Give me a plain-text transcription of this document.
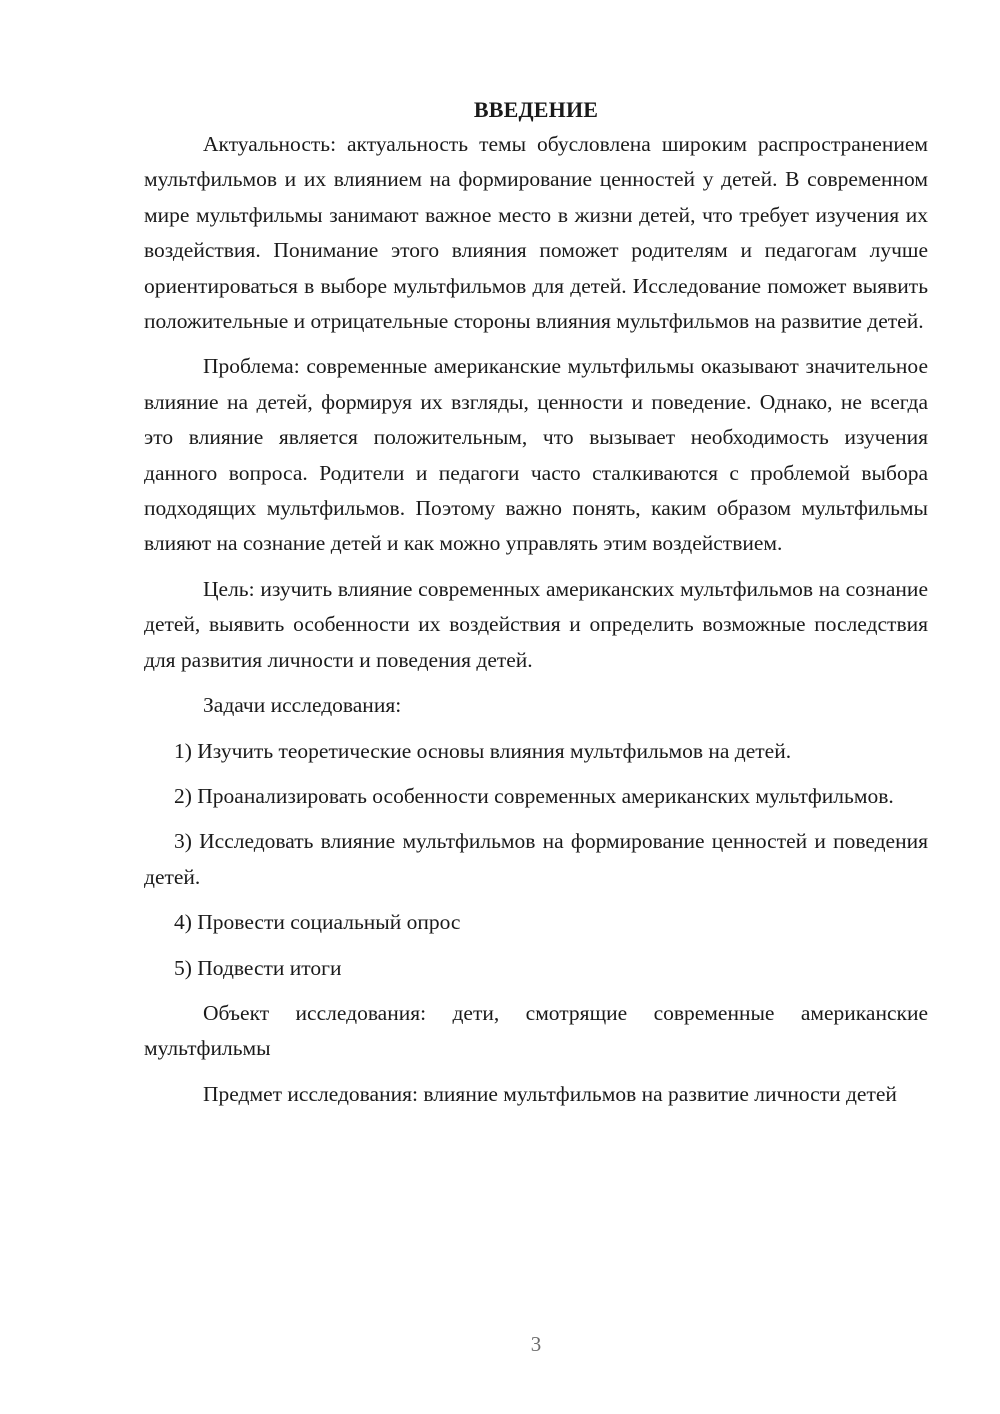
ВВЕДЕНИЕ

Актуальность: актуальность темы обусловлена широким распространением мультфильмов и их влиянием на формирование ценностей у детей. В современном мире мультфильмы занимают важное место в жизни детей, что требует изучения их воздействия. Понимание этого влияния поможет родителям и педагогам лучше ориентироваться в выборе мультфильмов для детей. Исследование поможет выявить положительные и отрицательные стороны влияния мультфильмов на развитие детей.

Проблема: современные американские мультфильмы оказывают значительное влияние на детей, формируя их взгляды, ценности и поведение. Однако, не всегда это влияние является положительным, что вызывает необходимость изучения данного вопроса. Родители и педагоги часто сталкиваются с проблемой выбора подходящих мультфильмов. Поэтому важно понять, каким образом мультфильмы влияют на сознание детей и как можно управлять этим воздействием.

Цель: изучить влияние современных американских мультфильмов на сознание детей, выявить особенности их воздействия и определить возможные последствия для развития личности и поведения детей.

Задачи исследования:

1) Изучить теоретические основы влияния мультфильмов на детей.

2) Проанализировать особенности современных американских мультфильмов.

3) Исследовать влияние мультфильмов на формирование ценностей и поведения детей.

4) Провести социальный опрос

5) Подвести итоги

Объект исследования: дети, смотрящие современные американские мультфильмы

Предмет исследования: влияние мультфильмов на развитие личности детей

3
